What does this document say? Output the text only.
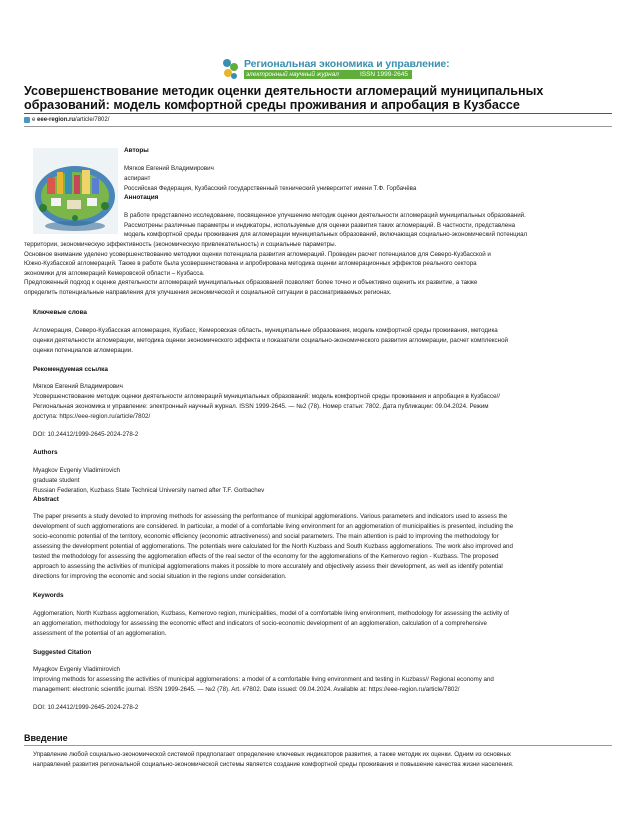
Региональная экономика и управление:
электронный научный журнал	ISSN 1999-2645
Усовершенствование методик оценки деятельности агломераций муниципальных образований: модель комфортной среды проживания и апробация в Кузбассе
e
eee-region.ru /article/7802/
Авторы
Мягков Евгений Владимирович
аспирант
Российская Федерация, Кузбасский государственный технический университет имени Т.Ф. Горбачёва
Аннотация
В работе представлено исследование, посвященное улучшению методик оценки деятельности агломераций муниципальных образований.
Рассмотрены различные параметры и индикаторы, используемые для оценки развития таких агломераций. В частности, представлена
модель комфортной среды проживания для агломерации муниципальных образований, включающая социально-экономический потенциал
территории, экономическую эффективность (экономическую привлекательность) и социальные параметры.
Основное внимание уделено усовершенствованию методики оценки потенциала развития агломераций. Проведен расчет потенциалов для Северо-Кузбасской и
Южно-Кузбасской агломераций. Также в работе была усовершенствована и апробирована методика оценки агломерационных эффектов реального сектора
экономики для агломераций Кемеровской области – Кузбасса.
Предложенный подход к оценке деятельности агломераций муниципальных образований позволяет более точно и объективно оценить их развитие, а также
определить потенциальные направления для улучшения экономической и социальной ситуации в рассматриваемых регионах.
Ключевые слова
Агломерация, Северо-Кузбасская агломерация, Кузбасс, Кемеровская область, муниципальные образования, модель комфортной среды проживания, методика
оценки деятельности агломерации, методика оценки экономического эффекта и показатели социально-экономического развития агломерации, расчет комплексной
оценки потенциалов агломерации.
Рекомендуемая ссылка
Мягков Евгений Владимирович
Усовершенствование методик оценки деятельности агломераций муниципальных образований: модель комфортной среды проживания и апробация в Кузбассе//
Региональная экономика и управление: электронный научный журнал. ISSN 1999-2645. — №2 (78). Номер статьи: 7802. Дата публикации: 09.04.2024. Режим
доступа: https://eee-region.ru/article/7802/
DOI: 10.24412/1999-2645-2024-278-2
Authors
Myagkov Evgeniy Vladimirovich
graduate student
Russian Federation, Kuzbass State Technical University named after T.F. Gorbachev
Abstract
The paper presents a study devoted to improving methods for assessing the performance of municipal agglomerations. Various parameters and indicators used to assess the
development of such agglomerations are considered. In particular, a model of a comfortable living environment for an agglomeration of municipalities is presented, including the
socio-economic potential of the territory, economic efficiency (economic attractiveness) and social parameters. The main attention is paid to improving the methodology for
assessing the development potential of agglomerations. The potentials were calculated for the North Kuzbass and South Kuzbass agglomerations. The work also improved and
tested the methodology for assessing the agglomeration effects of the real sector of the economy for the agglomerations of the Kemerovo region - Kuzbass. The proposed
approach to assessing the activities of municipal agglomerations makes it possible to more accurately and objectively assess their development, as well as identify potential
directions for improving the economic and social situation in the regions under consideration.
Keywords
Agglomeration, North Kuzbass agglomeration, Kuzbass, Kemerovo region, municipalities, model of a comfortable living environment, methodology for assessing the activity of
an agglomeration, methodology for assessing the economic effect and indicators of socio-economic development of an agglomeration, calculation of a comprehensive
assessment of the potential of an agglomeration.
Suggested Citation
Myagkov Evgeniy Vladimirovich
Improving methods for assessing the activities of municipal agglomerations: a model of a comfortable living environment and testing in Kuzbass// Regional economy and
management: electronic scientific journal. ISSN 1999-2645. — №2 (78). Art. #7802. Date issued: 09.04.2024. Available at: https://eee-region.ru/article/7802/
DOI: 10.24412/1999-2645-2024-278-2
Введение
Управление любой социально-экономической системой предполагает определение ключевых индикаторов развития, а также методик их оценки. Одним из основных
направлений развития региональной социально-экономической системы является создание комфортной среды проживания и повышение качества жизни населения.
